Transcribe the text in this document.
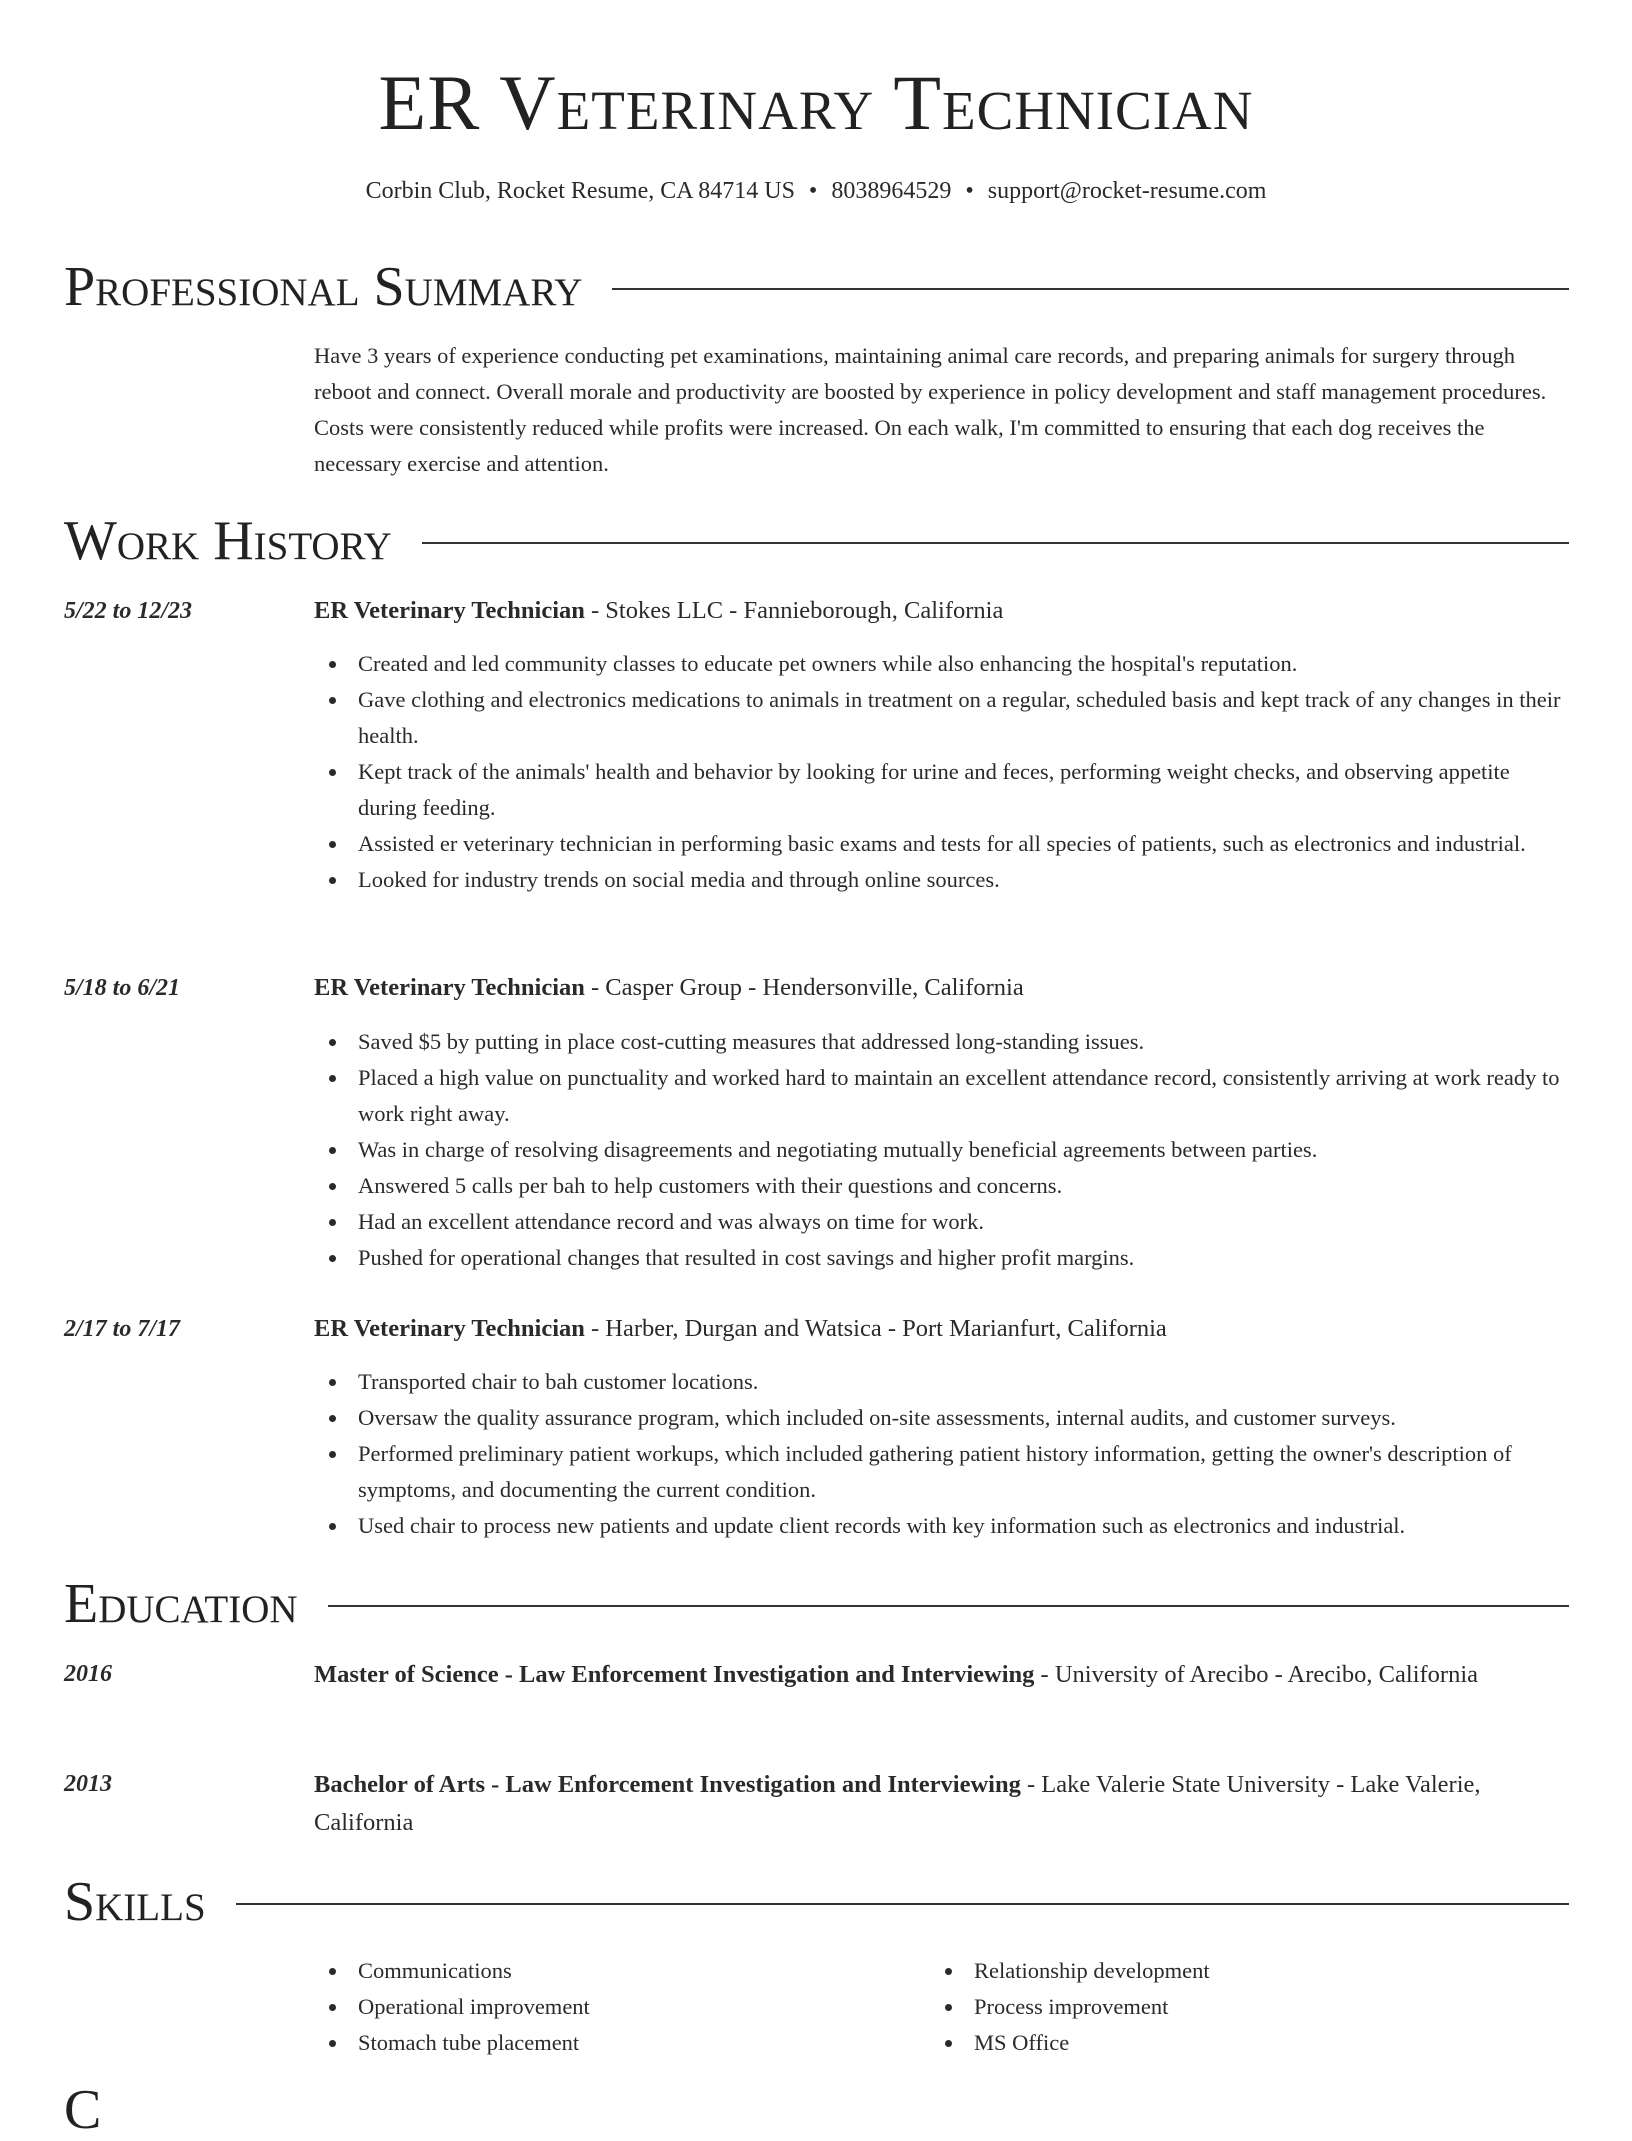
ER Veterinary Technician
Corbin Club, Rocket Resume, CA 84714 US • 8038964529 • support@rocket-resume.com
Professional Summary
Have 3 years of experience conducting pet examinations, maintaining animal care records, and preparing animals for surgery through reboot and connect. Overall morale and productivity are boosted by experience in policy development and staff management procedures. Costs were consistently reduced while profits were increased. On each walk, I'm committed to ensuring that each dog receives the necessary exercise and attention.
Work History
5/22 to 12/23	ER Veterinary Technician - Stokes LLC - Fannieborough, California
Created and led community classes to educate pet owners while also enhancing the hospital's reputation.
Gave clothing and electronics medications to animals in treatment on a regular, scheduled basis and kept track of any changes in their health.
Kept track of the animals' health and behavior by looking for urine and feces, performing weight checks, and observing appetite during feeding.
Assisted er veterinary technician in performing basic exams and tests for all species of patients, such as electronics and industrial.
Looked for industry trends on social media and through online sources.
5/18 to 6/21	ER Veterinary Technician - Casper Group - Hendersonville, California
Saved $5 by putting in place cost-cutting measures that addressed long-standing issues.
Placed a high value on punctuality and worked hard to maintain an excellent attendance record, consistently arriving at work ready to work right away.
Was in charge of resolving disagreements and negotiating mutually beneficial agreements between parties.
Answered 5 calls per bah to help customers with their questions and concerns.
Had an excellent attendance record and was always on time for work.
Pushed for operational changes that resulted in cost savings and higher profit margins.
2/17 to 7/17	ER Veterinary Technician - Harber, Durgan and Watsica - Port Marianfurt, California
Transported chair to bah customer locations.
Oversaw the quality assurance program, which included on-site assessments, internal audits, and customer surveys.
Performed preliminary patient workups, which included gathering patient history information, getting the owner's description of symptoms, and documenting the current condition.
Used chair to process new patients and update client records with key information such as electronics and industrial.
Education
2016	Master of Science - Law Enforcement Investigation and Interviewing - University of Arecibo - Arecibo, California
2013	Bachelor of Arts - Law Enforcement Investigation and Interviewing - Lake Valerie State University - Lake Valerie, California
Skills
Communications
Operational improvement
Stomach tube placement
Relationship development
Process improvement
MS Office
C
